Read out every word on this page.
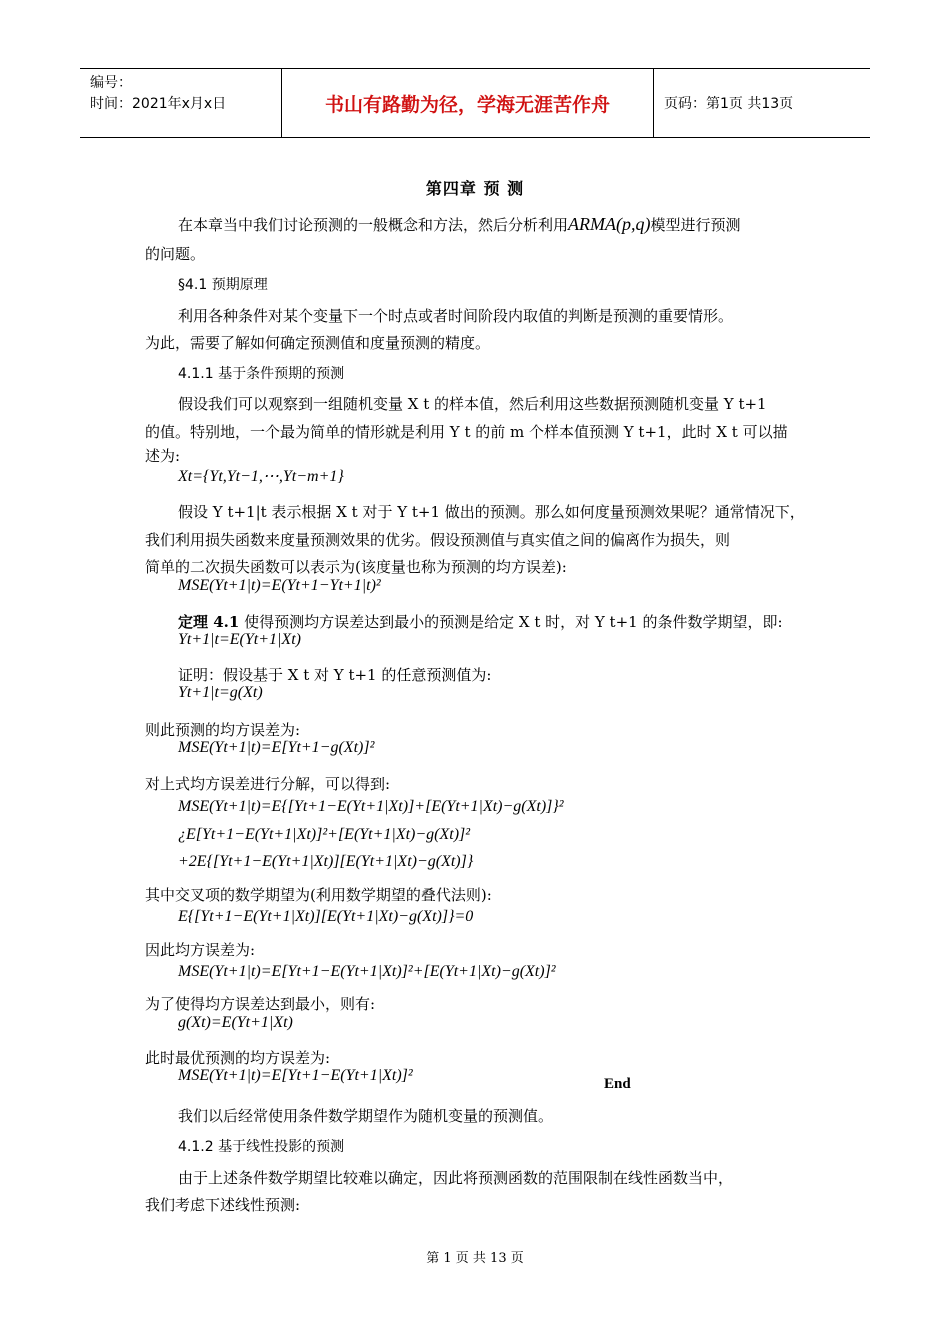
编号：
时间：2021年x月x日	书山有路勤为径，学海无涯苦作舟	页码：第1页 共13页
第四章 预 测
在本章当中我们讨论预测的一般概念和方法，然后分析利用ARMA(p,q)模型进行预测
的问题。
§4.1 预期原理
利用各种条件对某个变量下一个时点或者时间阶段内取值的判断是预测的重要情形。
为此，需要了解如何确定预测值和度量预测的精度。
4.1.1 基于条件预期的预测
假设我们可以观察到一组随机变量 X t 的样本值，然后利用这些数据预测随机变量 Y t+1
的值。特别地，一个最为简单的情形就是利用 Y t 的前 m 个样本值预测 Y t+1，此时 X t 可以描
述为:
Xt={Yt,Yt−1,⋯,Yt−m+1}
假设 Y t+1|t 表示根据 X t 对于 Y t+1 做出的预测。那么如何度量预测效果呢？通常情况下，
我们利用损失函数来度量预测效果的优劣。假设预测值与真实值之间的偏离作为损失，则
简单的二次损失函数可以表示为(该度量也称为预测的均方误差):
MSE(Yt+1|t)=E(Yt+1−Yt+1|t)²
定理 4.1 使得预测均方误差达到最小的预测是给定 X t 时，对 Y t+1 的条件数学期望，即:
Yt+1|t=E(Yt+1|Xt)
证明：假设基于 X t 对 Y t+1 的任意预测值为:
Yt+1|t=g(Xt)
则此预测的均方误差为:
MSE(Yt+1|t)=E[Yt+1−g(Xt)]²
对上式均方误差进行分解，可以得到:
MSE(Yt+1|t)=E{[Yt+1−E(Yt+1|Xt)]+[E(Yt+1|Xt)−g(Xt)]}²
¿E[Yt+1−E(Yt+1|Xt)]²+[E(Yt+1|Xt)−g(Xt)]²
+2E{[Yt+1−E(Yt+1|Xt)][E(Yt+1|Xt)−g(Xt)]}
其中交叉项的数学期望为(利用数学期望的叠代法则):
E{[Yt+1−E(Yt+1|Xt)][E(Yt+1|Xt)−g(Xt)]}=0
因此均方误差为:
MSE(Yt+1|t)=E[Yt+1−E(Yt+1|Xt)]²+[E(Yt+1|Xt)−g(Xt)]²
为了使得均方误差达到最小，则有:
g(Xt)=E(Yt+1|Xt)
此时最优预测的均方误差为:
MSE(Yt+1|t)=E[Yt+1−E(Yt+1|Xt)]²	End
我们以后经常使用条件数学期望作为随机变量的预测值。
4.1.2 基于线性投影的预测
由于上述条件数学期望比较难以确定，因此将预测函数的范围限制在线性函数当中，
我们考虑下述线性预测:
第 1 页 共 13 页
